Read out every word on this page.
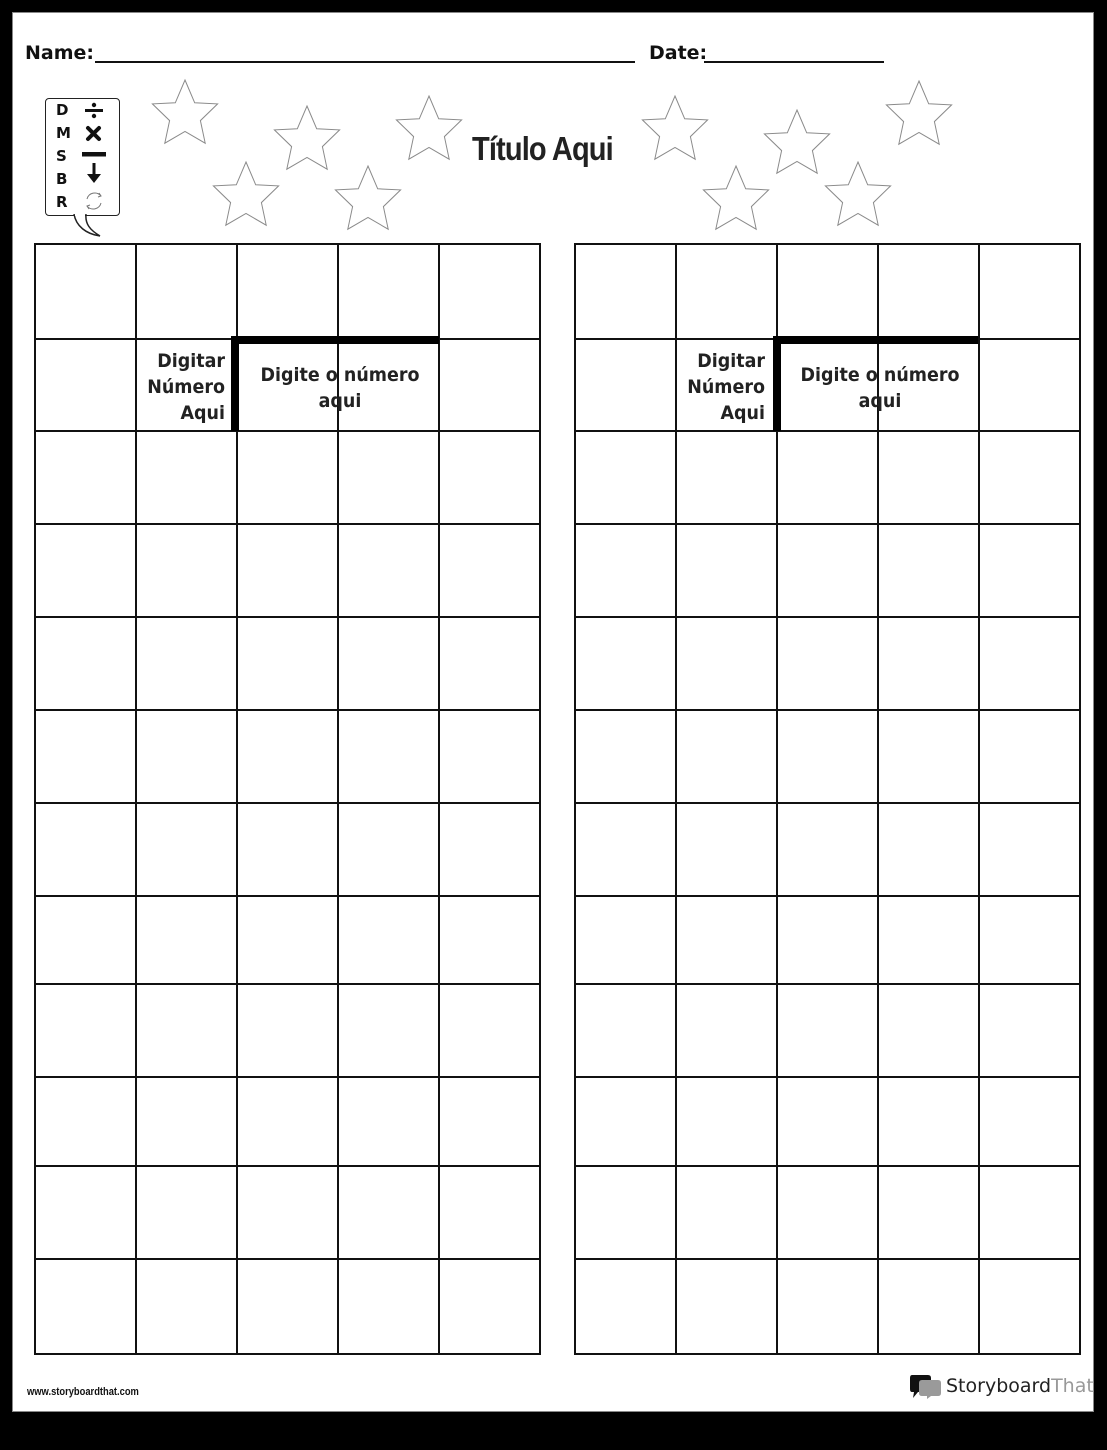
Name:	Date:
D
M
S
B
R
Título Aqui

Digitar
Número
Aqui
Digite o número
aqui

Digitar
Número
Aqui
Digite o número
aqui
www.storyboardthat.com	StoryboardThat
